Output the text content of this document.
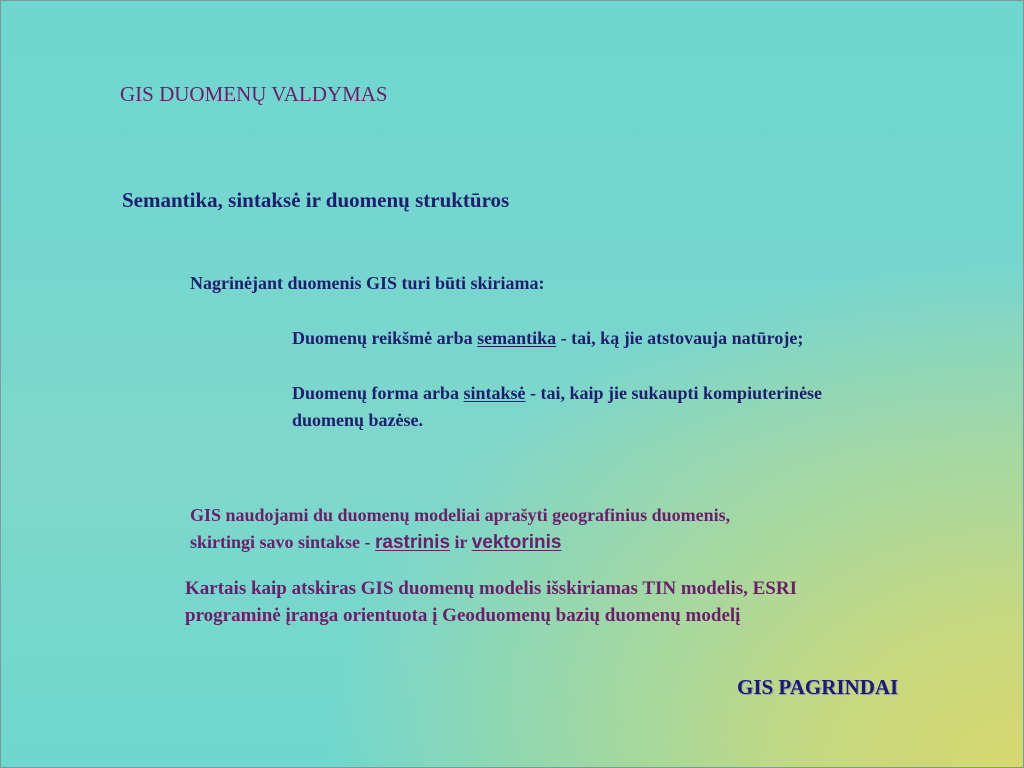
GIS DUOMENŲ VALDYMAS

Semantika, sintaksė ir duomenų struktūros

Nagrinėjant duomenis GIS turi būti skiriama:

Duomenų reikšmė arba semantika - tai, ką jie atstovauja natūroje;

Duomenų forma arba sintaksė - tai, kaip jie sukaupti kompiuterinėse

duomenų bazėse.

GIS naudojami du duomenų modeliai aprašyti geografinius duomenis,

skirtingi savo sintakse - rastrinis ir vektorinis

Kartais kaip atskiras GIS duomenų modelis išskiriamas TIN modelis, ESRI

programinė įranga orientuota į Geoduomenų bazių duomenų modelį

GIS PAGRINDAI
